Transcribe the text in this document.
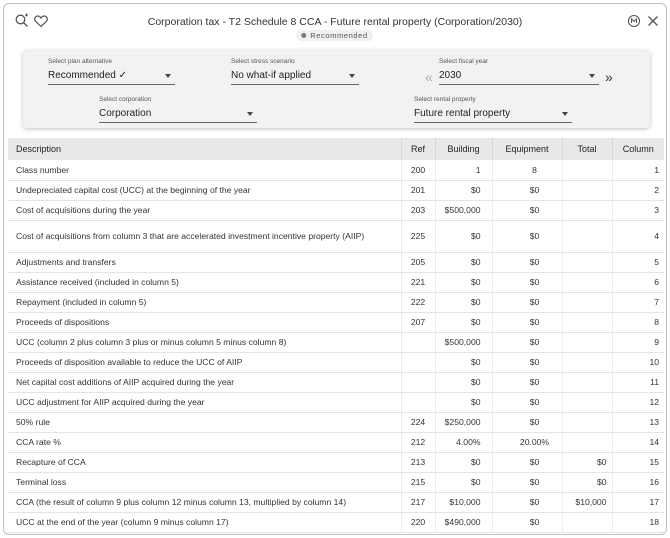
Corporation tax - T2 Schedule 8 CCA - Future rental property (Corporation/2030)
Recommended
Select plan alternative
Recommended ✓
Select stress scenario
No what-if applied	«
Select fiscal year
2030	»
Select corporation
Corporation
Select rental property
Future rental property
Description	Ref	Building	Equipment	Total	Column
Class number	200	1	8		1
Undepreciated capital cost (UCC) at the beginning of the year	201	$0	$0		2
Cost of acquisitions during the year	203	$500,000	$0		3
Cost of acquisitions from column 3 that are accelerated investment incentive property (AIIP)	225	$0	$0		4
Adjustments and transfers	205	$0	$0		5
Assistance received (included in column 5)	221	$0	$0		6
Repayment (included in column 5)	222	$0	$0		7
Proceeds of dispositions	207	$0	$0		8
UCC (column 2 plus column 3 plus or minus column 5 minus column 8)		$500,000	$0		9
Proceeds of disposition available to reduce the UCC of AIIP		$0	$0		10
Net capital cost additions of AIIP acquired during the year		$0	$0		11
UCC adjustment for AIIP acquired during the year		$0	$0		12
50% rule	224	$250,000	$0		13
CCA rate %	212	4.00%	20.00%		14
Recapture of CCA	213	$0	$0	$0	15
Terminal loss	215	$0	$0	$0	16
CCA (the result of column 9 plus column 12 minus column 13, multiplied by column 14)	217	$10,000	$0	$10,000	17
UCC at the end of the year (column 9 minus column 17)	220	$490,000	$0		18
